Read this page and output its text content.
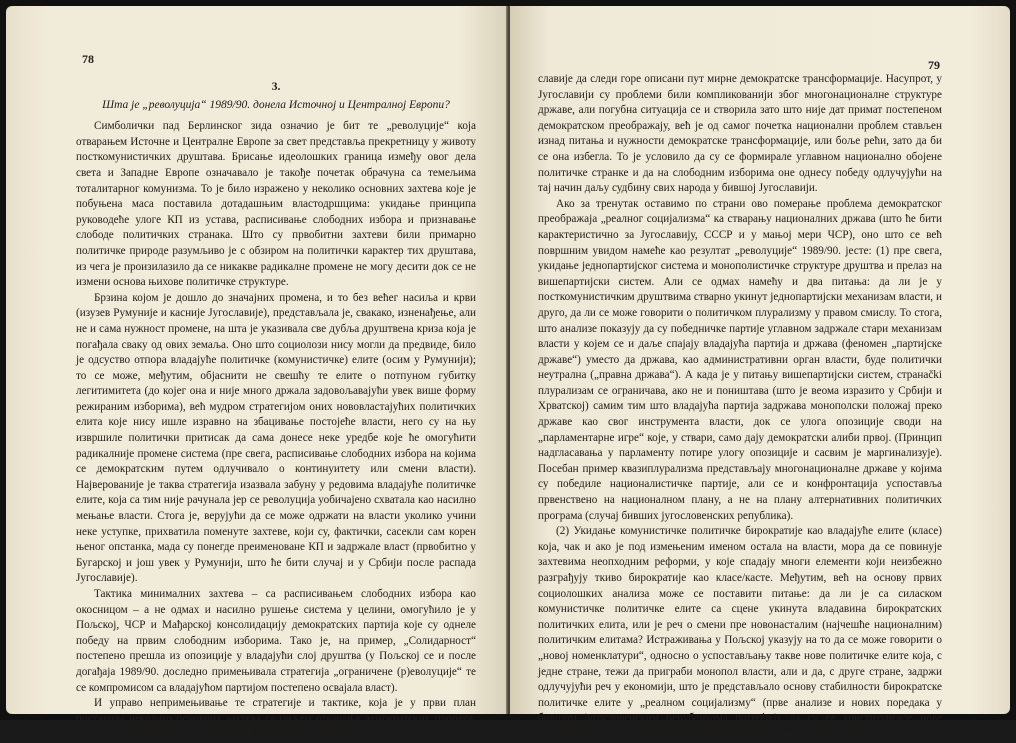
78
3.
Шта је „револуција“ 1989/90. донела Источној и Централној Европи?

Симболички пад Берлинског зида означио је бит те „револуције“ која отварањем Источне и Централне Европе за свет представља прекретницу у животу посткомунистичких друштава. Брисање идеолошких граница између овог дела света и Западне Европе означавало је такође почетак обрачуна са темељима тоталитарног комунизма. То је било изражено у неколико основних захтева које је побуњена маса поставила дотадашњим властодршцима: укидање принципа руководеће улоге КП из устава, расписивање слободних избора и признавање слободе политичких странака. Што су првобитни захтеви били примарно политичке природе разумљиво је с обзиром на политички карактер тих друштава, из чега је произилазило да се никакве радикалне промене не могу десити док се не измени основа њихове политичке структуре.

Брзина којом је дошло до значајних промена, и то без већег насиља и крви (изузев Румуније и касније Југославије), представљала је, свакако, изненађење, али не и сама нужност промене, на шта је указивала све дубља друштвена криза која је погађала сваку од ових земаља. Оно што социолози нису могли да предвиде, било је одсуство отпора владајуће политичке (комунистичке) елите (осим у Румунији); то се може, међутим, објаснити не свешћу те елите о потпуном губитку легитимитета (до којег она и није много држала задовољавајући увек више форму режираним изборима), већ мудром стратегијом оних нововластајућих политичких елита које нису ишле изравно на збацивање постојеће власти, него су на њу извршиле политички притисак да сама донесе неке уредбе које ће омогућити радикалније промене система (пре свега, расписивање слободних избора на којима се демократским путем одлучивало о континуитету или смени власти). Најверованије је таква стратегија изазвала забуну у редовима владајуће политичке елите, која са тим није рачунала јер се револуција уобичајено схватала као насилно мењање власти. Стога је, верујући да се може одржати на власти уколико учини неке уступке, прихватила поменуте захтеве, који су, фактички, сасекли сам корен њеног опстанка, мада су понегде преименоване КП и задржале власт (првобитно у Бугарској и још увек у Румунији, што ће бити случај и у Србији после распада Југославије).

Тактика минималних захтева – са расписивањем слободних избора као окосницом – а не одмах и насилно рушење система у целини, омогућило је у Пољској, ЧСР и Мађарској консолидацију демократских партија које су однеле победу на првим слободним изборима. Тако је, на пример, „Солидарност“ постепено прешла из опозиције у владајући слој друштва (у Пољској се и после догађаја 1989/90. доследно примењивала стратегија „ограничене (р)еволуције“ те се компромисом са владајућом партијом постепено освајала власт).

И управо непримењивање те стратегије и тактике, која је у први план поставила неколико основних захтева са циљем отварања демократских процеса, може се узети као један од одлучујућих разлога за неуспех Југо-

79

славије да следи горе описани пут мирне демократске трансформације. Насупрот, у Југославији су проблеми били компликованији због многонационалне структуре државе, али погубна ситуација се и створила зато што није дат примат постепеном демократском преображају, већ је од самог почетка национални проблем стављен изнад питања и нужности демократске трансформације, или боље рећи, зато да би се она избегла. То је условило да су се формирале углавном национално обојене политичке странке и да на слободним изборима оне однесу победу одлучујући на тај начин даљу судбину свих народа у бившој Југославији.

Ако за тренутак оставимо по страни ово померање проблема демократског преображаја „реалног социјализма“ ка стварању националних држава (што ће бити карактеристично за Југославију, СССР и у мањој мери ЧСР), оно што се већ површним увидом намеће као резултат „револуције“ 1989/90. јесте: (1) пре свега, укидање једнопартијског система и монополистичке структуре друштва и прелаз на вишепартијски систем. Али се одмах намећу и два питања: да ли је у посткомунистичким друштвима стварно укинут једнопартијски механизам власти, и друго, да ли се може говорити о политичком плурализму у правом смислу. То стога, што анализе показују да су победничке партије углавном задржале стари механизам власти у којем се и даље спајају владајућа партија и држава (феномен „партијске државе“) уместо да држава, као административни орган власти, буде политички неутрална („правна држава“). А када је у питању вишепартијски систем, странački плурализам се ограничава, ако не и поништава (што је веома изразито у Србији и Хрватској) самим тим што владајућа партија задржава монополски положај преко државе као свог инструмента власти, док се улога опозиције своди на „парламентарне игре“ које, у ствари, само дају демократски алиби првој. (Принцип надгласавања у парламенту потире улогу опозиције и сасвим је маргинализује). Посебан пример квазиплурализма представљају многонационалне државе у којима су победиле националистичке партије, али се и конфронтација успоставља првенствено на националном плану, а не на плану алтернативних политичких програма (случај бивших југословенских република).

(2) Укидање комунистичке политичке бирократије као владајуће елите (класе) која, чак и ако је под измењеним именом остала на власти, мора да се повинује захтевима неопходним реформи, у које спадају многи елементи који неизбежно разграђују ткиво бирократије као класе/касте. Међутим, већ на основу првих социолошких анализа може се поставити питање: да ли је са силаском комунистичке политичке елите са сцене укинута владавина бирократских политичких елита, или је реч о смени пре новонасталим (најчешће националним) политичким елитама? Истраживања у Пољској указују на то да се може говорити о „новој номенклатури“, односно о успостављању такве нове политичке елите која, с једне стране, тежи да приграби монопол власти, али и да, с друге стране, задржи одлучујући реч у економији, што је представљало основу стабилности бирократске политичке елите у „реалном социјализму“ (прве анализе и нових поредака у бившим југословенским републикама потврђују да су се конституисале нове политичке елите као резултат формирања националних држава). Поли-
